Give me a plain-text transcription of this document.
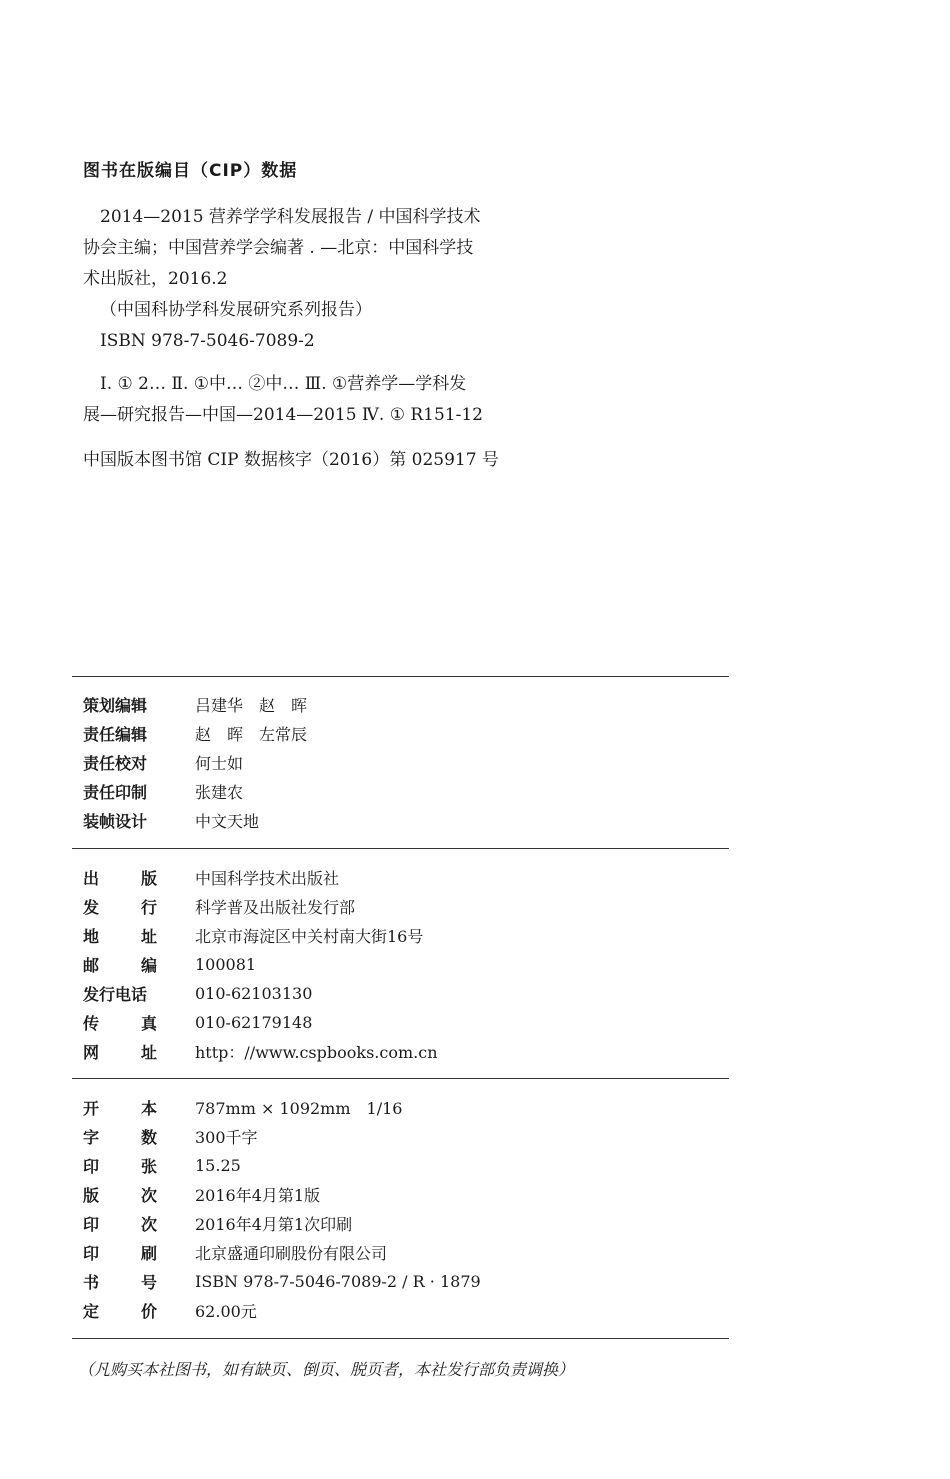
图书在版编目（CIP）数据
2014—2015 营养学学科发展报告 / 中国科学技术
协会主编；中国营养学会编著 . —北京：中国科学技
术出版社，2016.2
（中国科协学科发展研究系列报告）
ISBN 978-7-5046-7089-2
Ⅰ. ① 2… Ⅱ. ①中… ②中… Ⅲ. ①营养学—学科发
展—研究报告—中国—2014—2015 Ⅳ. ① R151-12
中国版本图书馆 CIP 数据核字（2016）第 025917 号
策划编辑	吕建华　赵　晖
责任编辑	赵　晖　左常辰
责任校对	何士如
责任印制	张建农
装帧设计	中文天地
出	版 中国科学技术出版社
发	行 科学普及出版社发行部
地	址 北京市海淀区中关村南大街16号
邮	编 100081
发行电话	010-62103130
传	真 010-62179148
网	址 http：//www.cspbooks.com.cn
开	本 787mm × 1092mm　1/16
字	数 300千字
印	张 15.25
版	次 2016年4月第1版
印	次 2016年4月第1次印刷
印	刷 北京盛通印刷股份有限公司
书	号 ISBN 978-7-5046-7089-2 / R · 1879
定	价 62.00元
（凡购买本社图书，如有缺页、倒页、脱页者，本社发行部负责调换）
